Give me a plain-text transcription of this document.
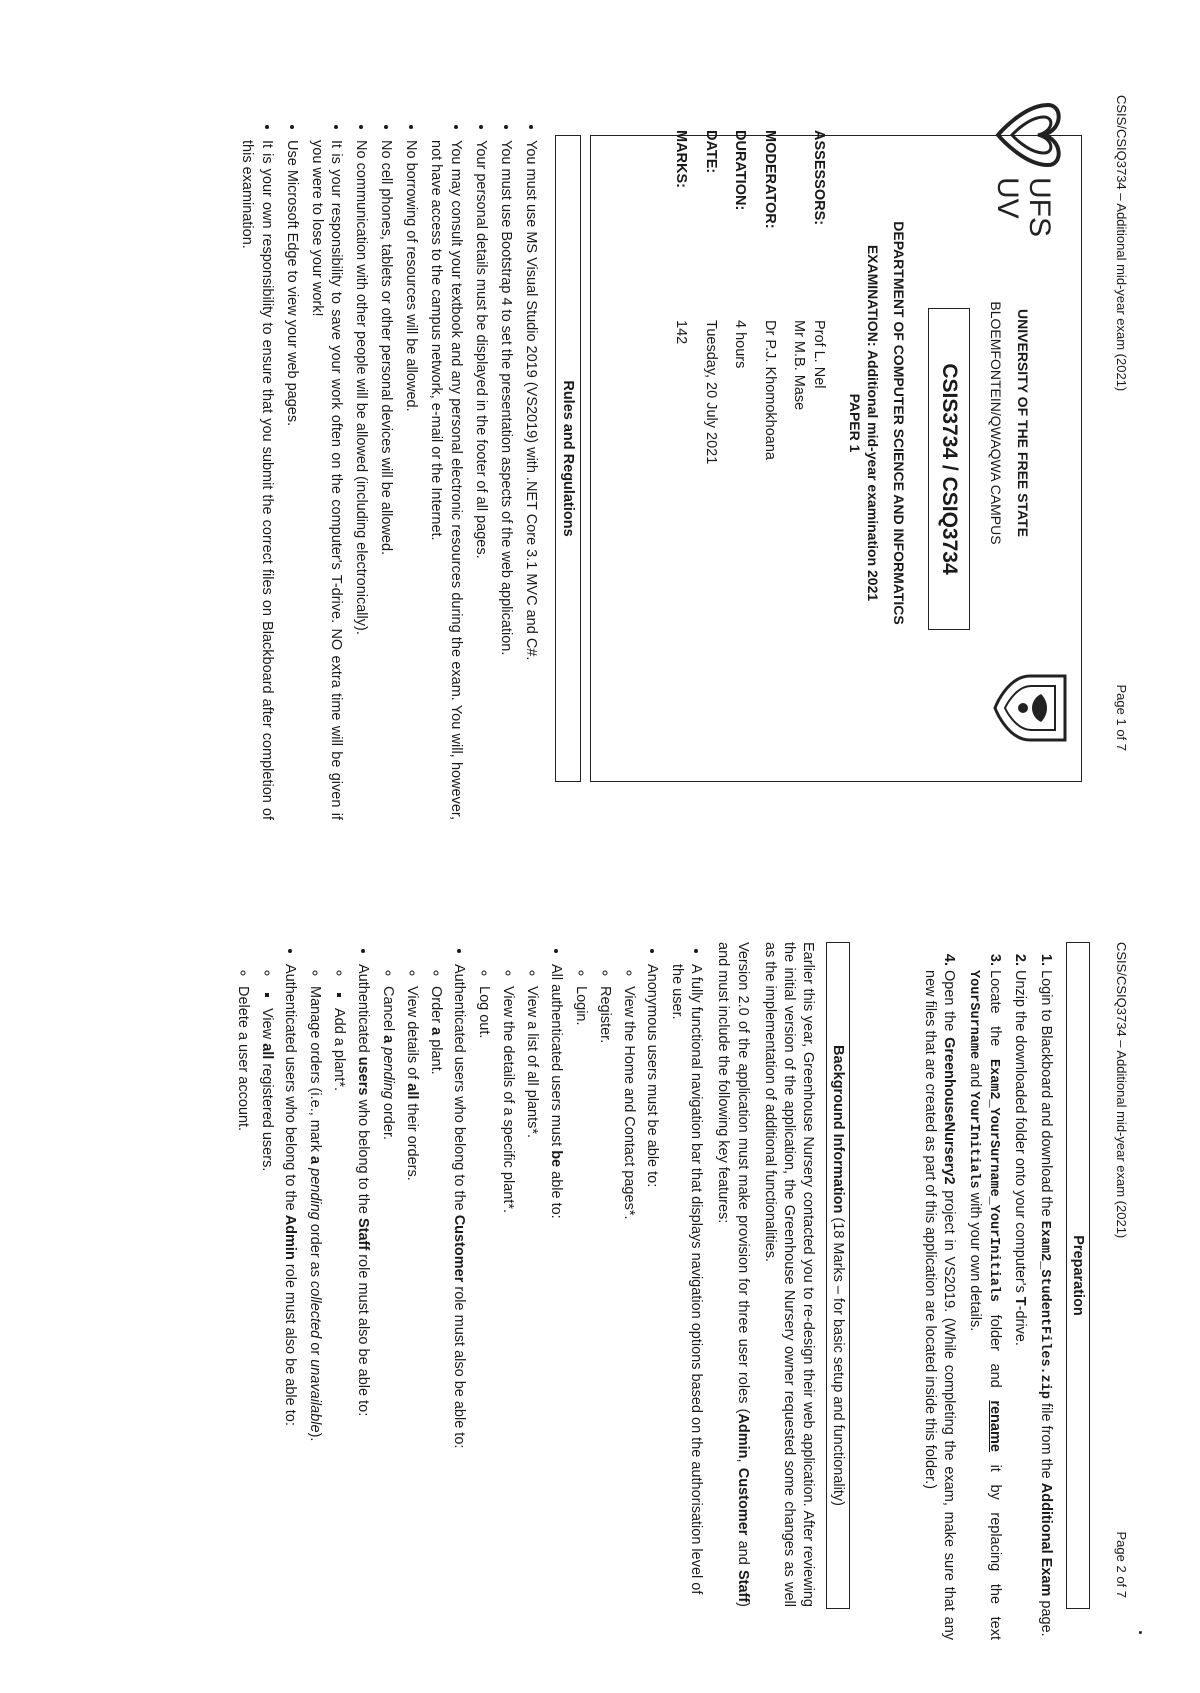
CSIS/CSIQ3734 – Additional mid-year exam (2021)
Page 1 of 7
UFS
UV
UNIVERSITY OF THE FREE STATE
BLOEMFONTEIN/QWAQWA CAMPUS
CSIS3734 / CSIQ3734
DEPARTMENT OF COMPUTER SCIENCE AND INFORMATICS
EXAMINATION: Additional mid-year examination 2021
PAPER 1
ASSESSORS:
Prof L. Nel
Mr M.B. Mase
MODERATOR:
Dr P.J. Khomokhoana
DURATION:
4 hours
DATE:
Tuesday, 20 July 2021
MARKS:
142
Rules and Regulations
• You must use MS Visual Studio 2019 (VS2019) with .NET Core 3.1 MVC and C#.
• You must use Bootstrap 4 to set the presentation aspects of the web application.
• Your personal details must be displayed in the footer of all pages.
• You may consult your textbook and any personal electronic resources during the exam. You will, however, not have access to the campus network, e-mail or the Internet.
• No borrowing of resources will be allowed.
• No cell phones, tablets or other personal devices will be allowed.
• No communication with other people will be allowed (including electronically).
• It is your responsibility to save your work often on the computer's T-drive. NO extra time will be given if you were to lose your work!
• Use Microsoft Edge to view your web pages.
• It is your own responsibility to ensure that you submit the correct files on Blackboard after completion of this examination.
CSIS/CSIQ3734 – Additional mid-year exam (2021)
Page 2 of 7
Preparation
1. Login to Blackboard and download the Exam2_StudentFiles.zip file from the Additional Exam page.
2. Unzip the downloaded folder onto your computer's T-drive.
3. Locate the Exam2_YourSurname_YourInitials folder and rename it by replacing the text YourSurname and YourInitials with your own details.
4. Open the GreenhouseNursery2 project in VS2019. (While completing the exam, make sure that any new files that are created as part of this application are located inside this folder.)
Background Information (18 Marks – for basic setup and functionality)

Earlier this year, Greenhouse Nursery contacted you to re-design their web application. After reviewing the initial version of the application, the Greenhouse Nursery owner requested some changes as well as the implementation of additional functionalities.

Version 2.0 of the application must make provision for three user roles (Admin, Customer and Staff) and must include the following key features:

• A fully functional navigation bar that displays navigation options based on the authorisation level of the user.
• Anonymous users must be able to:
◦ View the Home and Contact pages*.
◦ Register.
◦ Login.
• All authenticated users must be able to:
◦ View a list of all plants*.
◦ View the details of a specific plant*.
◦ Log out.
• Authenticated users who belong to the Customer role must also be able to:
◦ Order a plant.
◦ View details of all their orders.
◦ Cancel a pending order.
• Authenticated users who belong to the Staff role must also be able to:
▪ ◦ Add a plant*.
◦ Manage orders (i.e., mark a pending order as collected or unavailable).
• Authenticated users who belong to the Admin role must also be able to:
▪ ◦ View all registered users.
◦ Delete a user account.
.
